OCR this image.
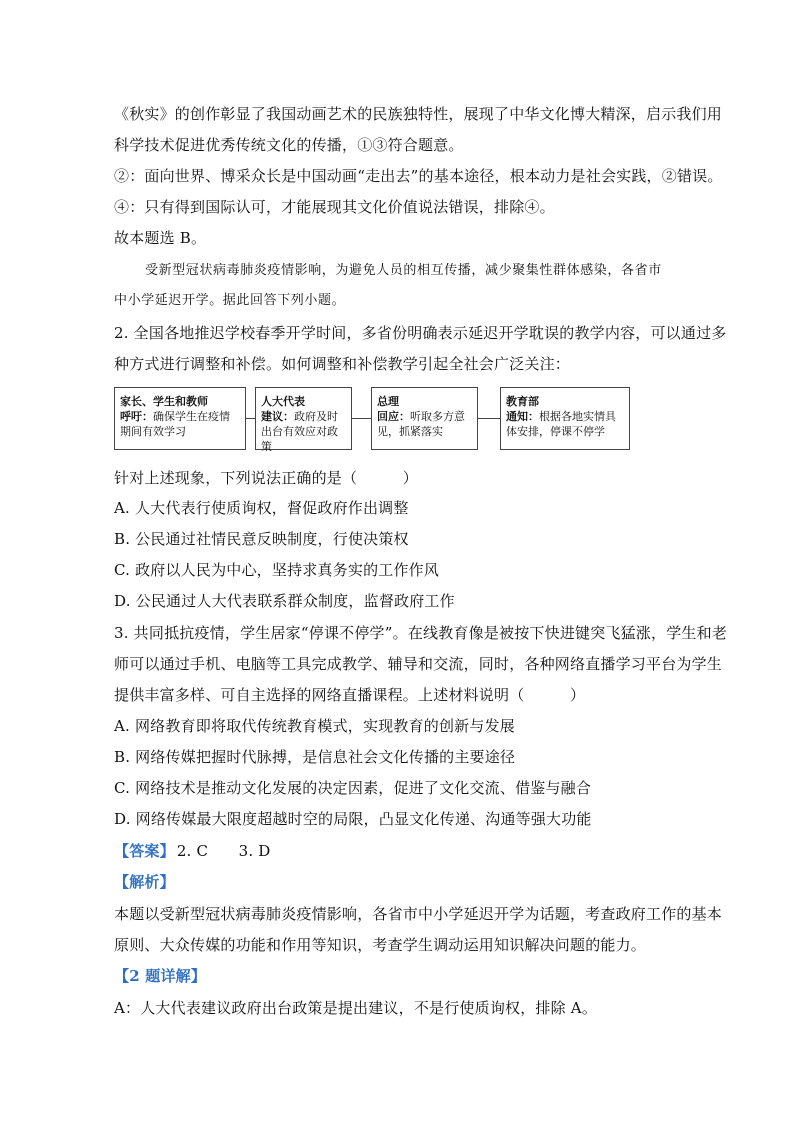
《秋实》的创作彰显了我国动画艺术的民族独特性，展现了中华文化博大精深，启示我们用
科学技术促进优秀传统文化的传播，①③符合题意。
②：面向世界、博采众长是中国动画“走出去”的基本途径，根本动力是社会实践，②错误。
④：只有得到国际认可，才能展现其文化价值说法错误，排除④。
故本题选 B。
受新型冠状病毒肺炎疫情影响，为避免人员的相互传播，减少聚集性群体感染，各省市
中小学延迟开学。据此回答下列小题。
2. 全国各地推迟学校春季开学时间，多省份明确表示延迟开学耽误的教学内容，可以通过多
种方式进行调整和补偿。如何调整和补偿教学引起全社会广泛关注：
家长、学生和教师
呼吁：确保学生在疫情期间有效学习
人大代表
建议：政府及时出台有效应对政策
总理
回应：听取多方意见，抓紧落实
教育部
通知：根据各地实情具体安排，停课不停学
针对上述现象，下列说法正确的是（　　　）
A. 人大代表行使质询权，督促政府作出调整
B. 公民通过社情民意反映制度，行使决策权
C. 政府以人民为中心，坚持求真务实的工作作风
D. 公民通过人大代表联系群众制度，监督政府工作
3. 共同抵抗疫情，学生居家“停课不停学”。在线教育像是被按下快进键突飞猛涨，学生和老
师可以通过手机、电脑等工具完成教学、辅导和交流，同时，各种网络直播学习平台为学生
提供丰富多样、可自主选择的网络直播课程。上述材料说明（　　　）
A. 网络教育即将取代传统教育模式，实现教育的创新与发展
B. 网络传媒把握时代脉搏，是信息社会文化传播的主要途径
C. 网络技术是推动文化发展的决定因素，促进了文化交流、借鉴与融合
D. 网络传媒最大限度超越时空的局限，凸显文化传递、沟通等强大功能
【答案】 2. C　　3. D
【解析】
本题以受新型冠状病毒肺炎疫情影响，各省市中小学延迟开学为话题，考查政府工作的基本
原则、大众传媒的功能和作用等知识，考查学生调动运用知识解决问题的能力。
【2 题详解】
A：人大代表建议政府出台政策是提出建议，不是行使质询权，排除 A。
